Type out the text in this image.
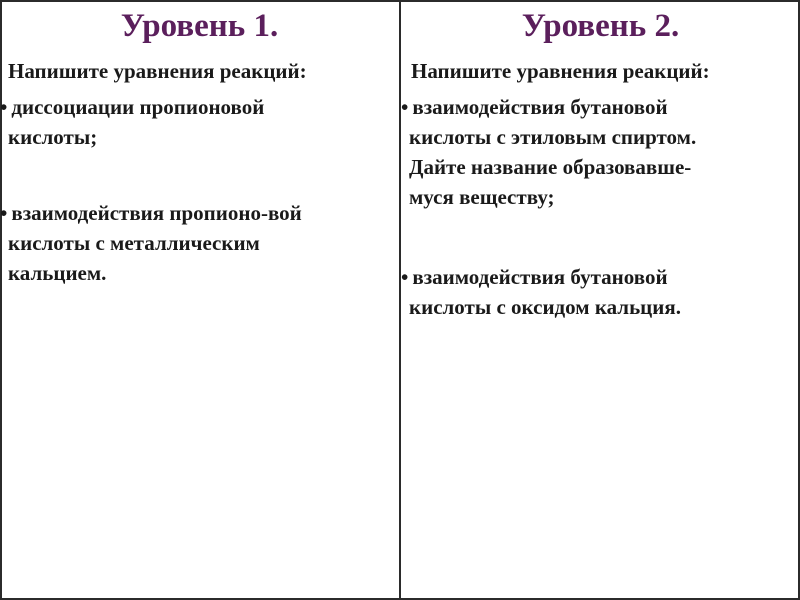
Уровень 1.
Напишите уравнения реакций:
• диссоциации пропионовой
кислоты;
• взаимодействия пропионо-вой
кислоты с металлическим
кальцием.
Уровень 2.
Напишите уравнения реакций:
• взаимодействия бутановой
кислоты с этиловым спиртом.
Дайте название образовавше-
муся веществу;
• взаимодействия бутановой
кислоты с оксидом кальция.
